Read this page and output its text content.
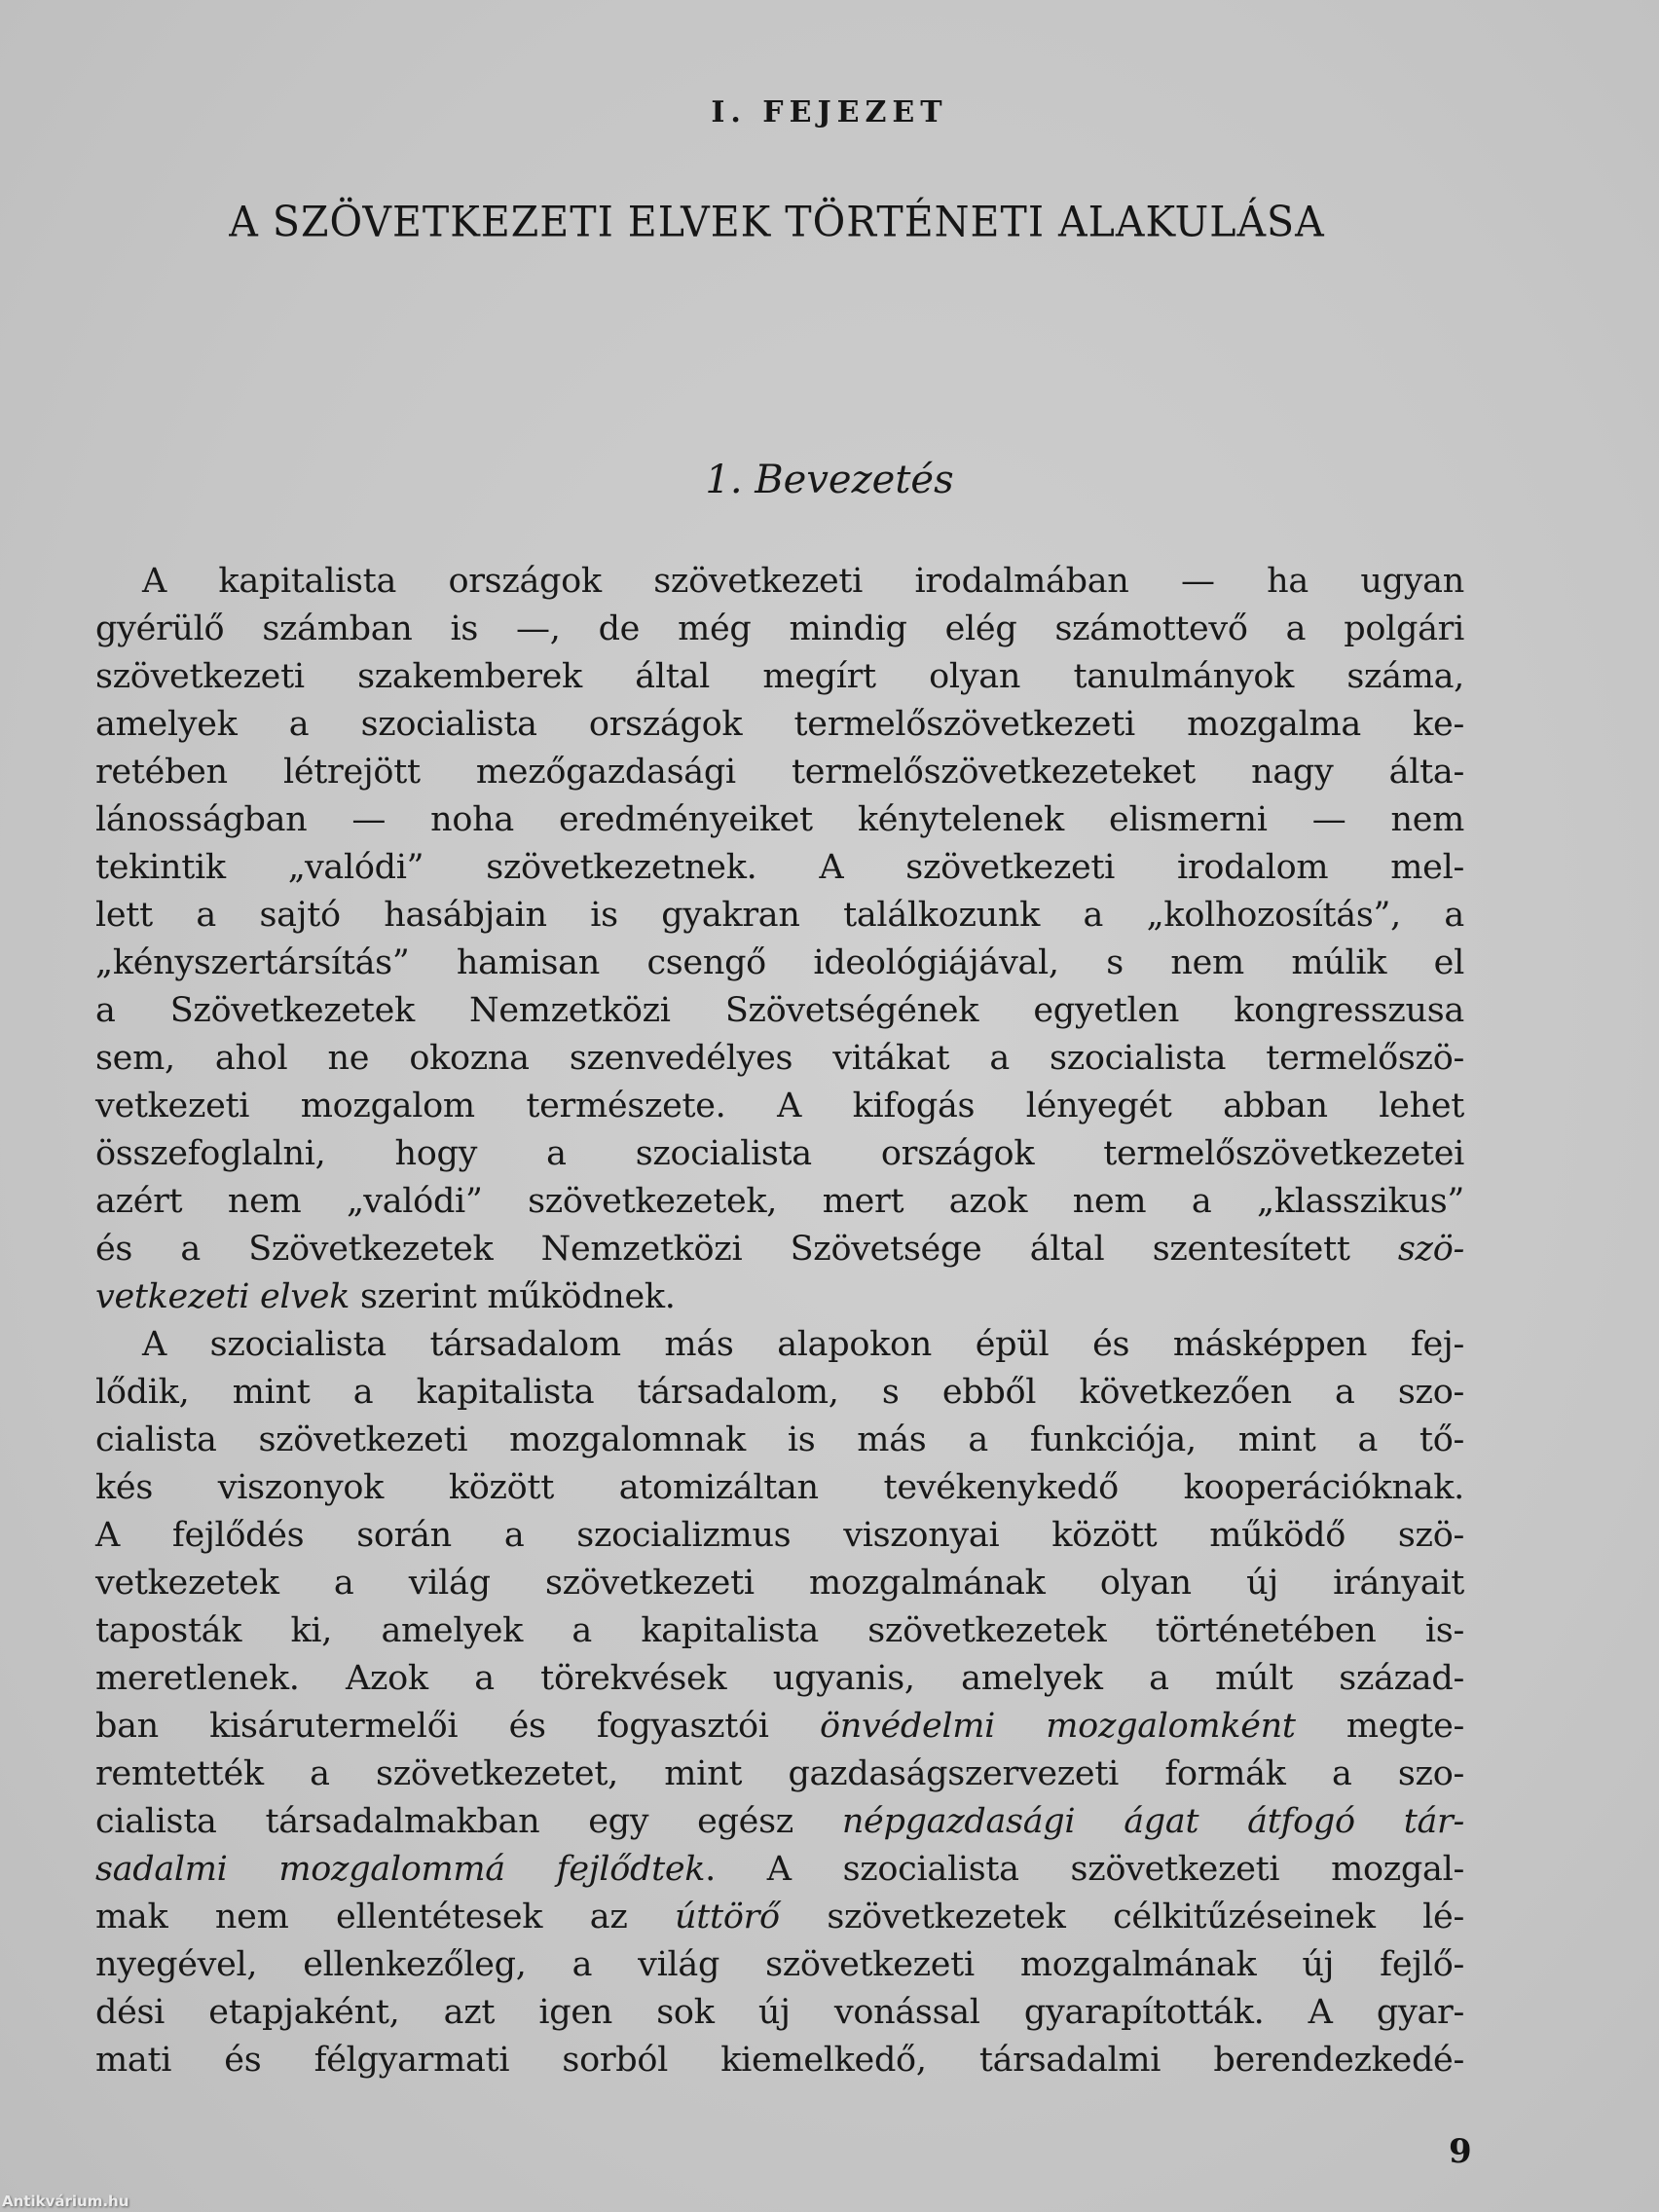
I. FEJEZET
A SZÖVETKEZETI ELVEK TÖRTÉNETI ALAKULÁSA
1. Bevezetés
A kapitalista országok szövetkezeti irodalmában — ha ugyan
gyérülő számban is —, de még mindig elég számottevő a polgári
szövetkezeti szakemberek által megírt olyan tanulmányok száma,
amelyek a szocialista országok termelőszövetkezeti mozgalma ke-
retében létrejött mezőgazdasági termelőszövetkezeteket nagy álta-
lánosságban — noha eredményeiket kénytelenek elismerni — nem
tekintik „valódi” szövetkezetnek. A szövetkezeti irodalom mel-
lett a sajtó hasábjain is gyakran találkozunk a „kolhozosítás”, a
„kényszertársítás” hamisan csengő ideológiájával, s nem múlik el
a Szövetkezetek Nemzetközi Szövetségének egyetlen kongresszusa
sem, ahol ne okozna szenvedélyes vitákat a szocialista termelőszö-
vetkezeti mozgalom természete. A kifogás lényegét abban lehet
összefoglalni, hogy a szocialista országok termelőszövetkezetei
azért nem „valódi” szövetkezetek, mert azok nem a „klasszikus”
és a Szövetkezetek Nemzetközi Szövetsége által szentesített szö-
vetkezeti elvek szerint működnek.
A szocialista társadalom más alapokon épül és másképpen fej-
lődik, mint a kapitalista társadalom, s ebből következően a szo-
cialista szövetkezeti mozgalomnak is más a funkciója, mint a tő-
kés viszonyok között atomizáltan tevékenykedő kooperációknak.
A fejlődés során a szocializmus viszonyai között működő szö-
vetkezetek a világ szövetkezeti mozgalmának olyan új irányait
taposták ki, amelyek a kapitalista szövetkezetek történetében is-
meretlenek. Azok a törekvések ugyanis, amelyek a múlt század-
ban kisárutermelői és fogyasztói önvédelmi mozgalomként megte-
remtették a szövetkezetet, mint gazdaságszervezeti formák a szo-
cialista társadalmakban egy egész népgazdasági ágat átfogó tár-
sadalmi mozgalommá fejlődtek. A szocialista szövetkezeti mozgal-
mak nem ellentétesek az úttörő szövetkezetek célkitűzéseinek lé-
nyegével, ellenkezőleg, a világ szövetkezeti mozgalmának új fejlő-
dési etapjaként, azt igen sok új vonással gyarapították. A gyar-
mati és félgyarmati sorból kiemelkedő, társadalmi berendezkedé-
9
Antikvárium.hu
